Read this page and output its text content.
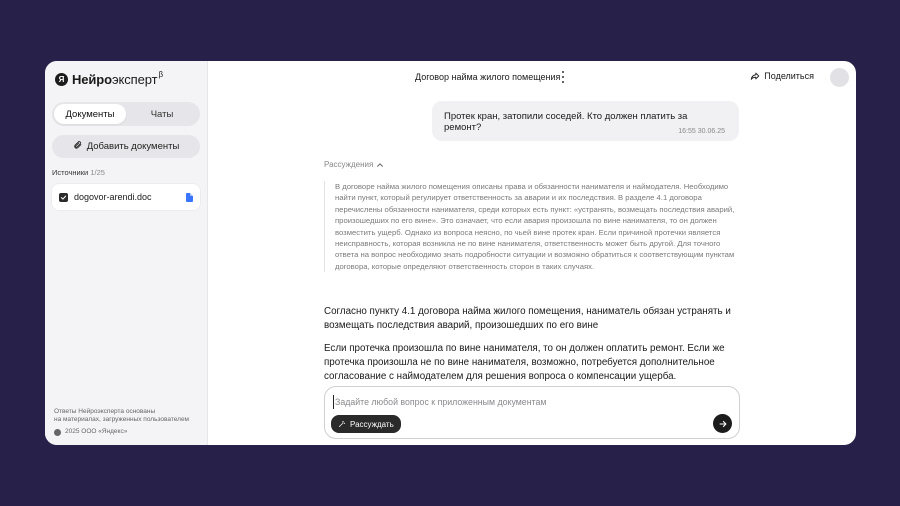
Я Нейроэксперт$^\beta$
Документы	Чаты
Добавить документы
Источники 1/25
dogovor-arendi.doc
Ответы Нейроэксперта основаны
на материалах, загруженных пользователем
2025 ООО «Яндекс»
Договор найма жилого помещения	Поделиться
Протек кран, затопили соседей. Кто должен платить за ремонт?	16:55 30.06.25
Рассуждения
В договоре найма жилого помещения описаны права и обязанности нанимателя и наймодателя. Необходимо найти пункт, который регулирует ответственность за аварии и их последствия. В разделе 4.1 договора перечислены обязанности нанимателя, среди которых есть пункт: «устранять, возмещать последствия аварий, произошедших по его вине». Это означает, что если авария произошла по вине нанимателя, то он должен возместить ущерб. Однако из вопроса неясно, по чьей вине протек кран. Если причиной протечки является неисправность, которая возникла не по вине нанимателя, ответственность может быть другой. Для точного ответа на вопрос необходимо знать подробности ситуации и возможно обратиться к соответствующим пунктам договора, которые определяют ответственность сторон в таких случаях.

Согласно пункту 4.1 договора найма жилого помещения, наниматель обязан устранять и возмещать последствия аварий, произошедших по его вине

Если протечка произошла по вине нанимателя, то он должен оплатить ремонт. Если же протечка произошла не по вине нанимателя, возможно, потребуется дополнительное согласование с наймодателем для решения вопроса о компенсации ущерба.

Задайте любой вопрос к приложенным документам
Рассуждать
